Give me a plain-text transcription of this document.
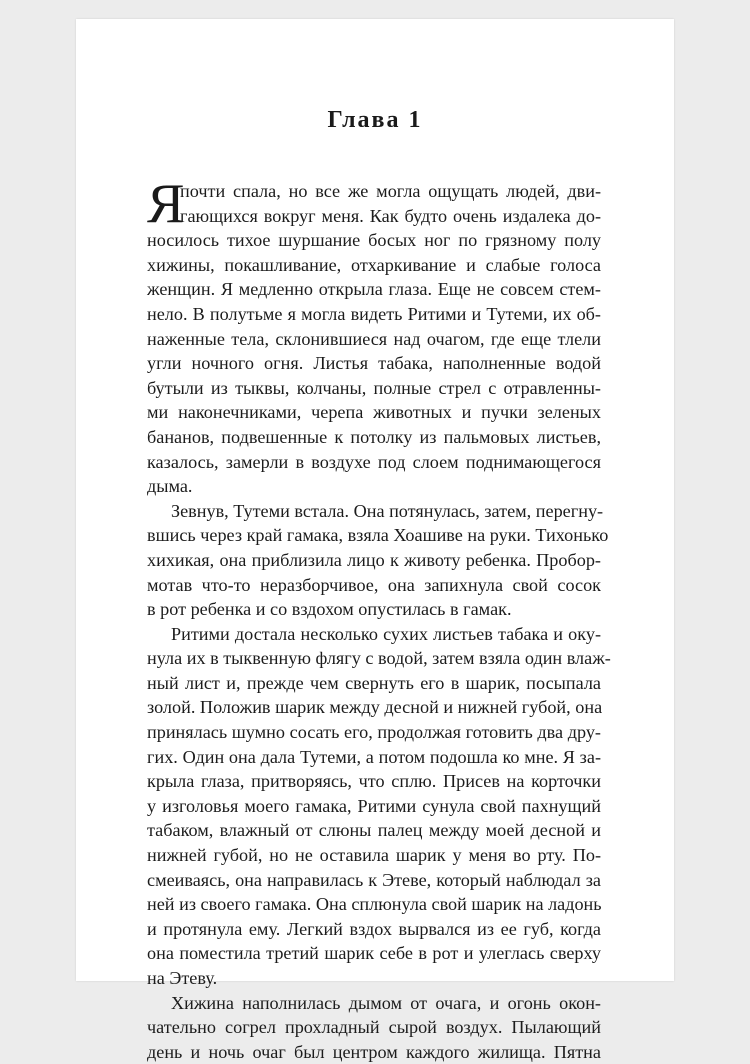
Глава 1
Я
почти спала, но все же могла ощущать людей, дви-
гающихся вокруг меня. Как будто очень издалека до-
носилось тихое шуршание босых ног по грязному полу
хижины, покашливание, отхаркивание и слабые голоса
женщин. Я медленно открыла глаза. Еще не совсем стем-
нело. В полутьме я могла видеть Ритими и Тутеми, их об-
наженные тела, склонившиеся над очагом, где еще тлели
угли ночного огня. Листья табака, наполненные водой
бутыли из тыквы, колчаны, полные стрел с отравленны-
ми наконечниками, черепа животных и пучки зеленых
бананов, подвешенные к потолку из пальмовых листьев,
казалось, замерли в воздухе под слоем поднимающегося
дыма.
Зевнув, Тутеми встала. Она потянулась, затем, перегну-
вшись через край гамака, взяла Хоашиве на руки. Тихонько
хихикая, она приблизила лицо к животу ребенка. Пробор-
мотав что-то неразборчивое, она запихнула свой сосок
в рот ребенка и со вздохом опустилась в гамак.
Ритими достала несколько сухих листьев табака и оку-
нула их в тыквенную флягу с водой, затем взяла один влаж-
ный лист и, прежде чем свернуть его в шарик, посыпала
золой. Положив шарик между десной и нижней губой, она
принялась шумно сосать его, продолжая готовить два дру-
гих. Один она дала Тутеми, а потом подошла ко мне. Я за-
крыла глаза, притворяясь, что сплю. Присев на корточки
у изголовья моего гамака, Ритими сунула свой пахнущий
табаком, влажный от слюны палец между моей десной и
нижней губой, но не оставила шарик у меня во рту. По-
смеиваясь, она направилась к Этеве, который наблюдал за
ней из своего гамака. Она сплюнула свой шарик на ладонь
и протянула ему. Легкий вздох вырвался из ее губ, когда
она поместила третий шарик себе в рот и улеглась сверху
на Этеву.
Хижина наполнилась дымом от очага, и огонь окон-
чательно согрел прохладный сырой воздух. Пылающий
день и ночь очаг был центром каждого жилища. Пятна
